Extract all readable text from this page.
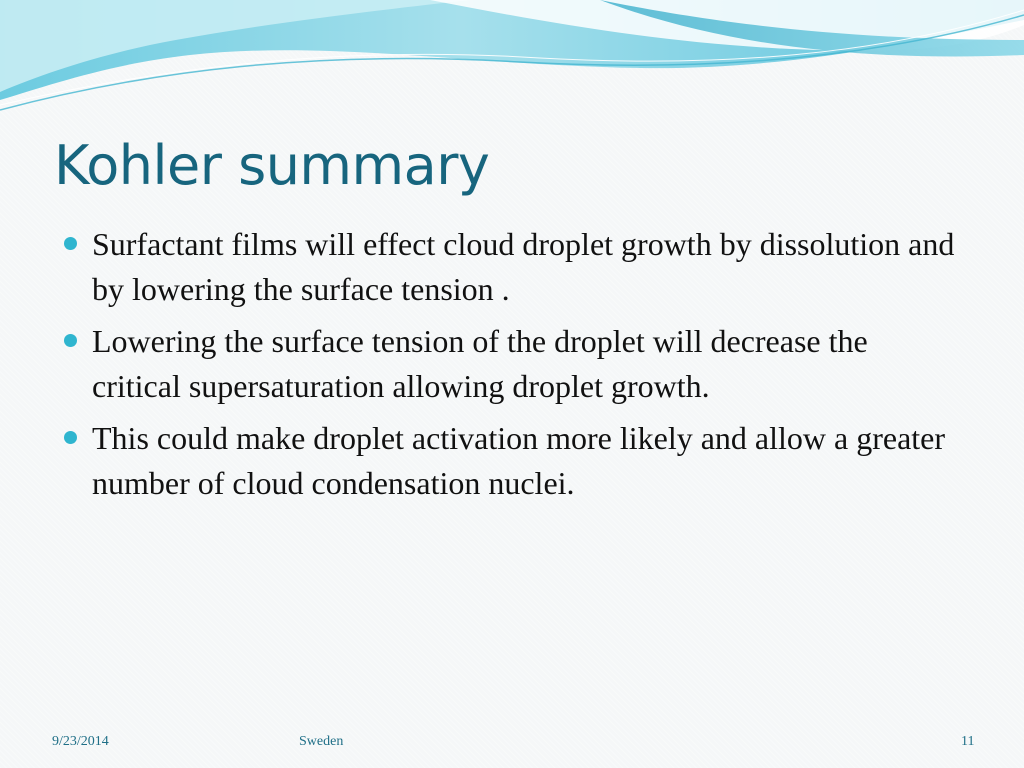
Kohler summary
Surfactant films will effect cloud droplet growth by dissolution and by lowering the surface tension .
Lowering the surface tension of the droplet will decrease the critical supersaturation allowing droplet growth.
This could make droplet activation more likely and allow a greater number of cloud condensation nuclei.
9/23/2014	Sweden	11
